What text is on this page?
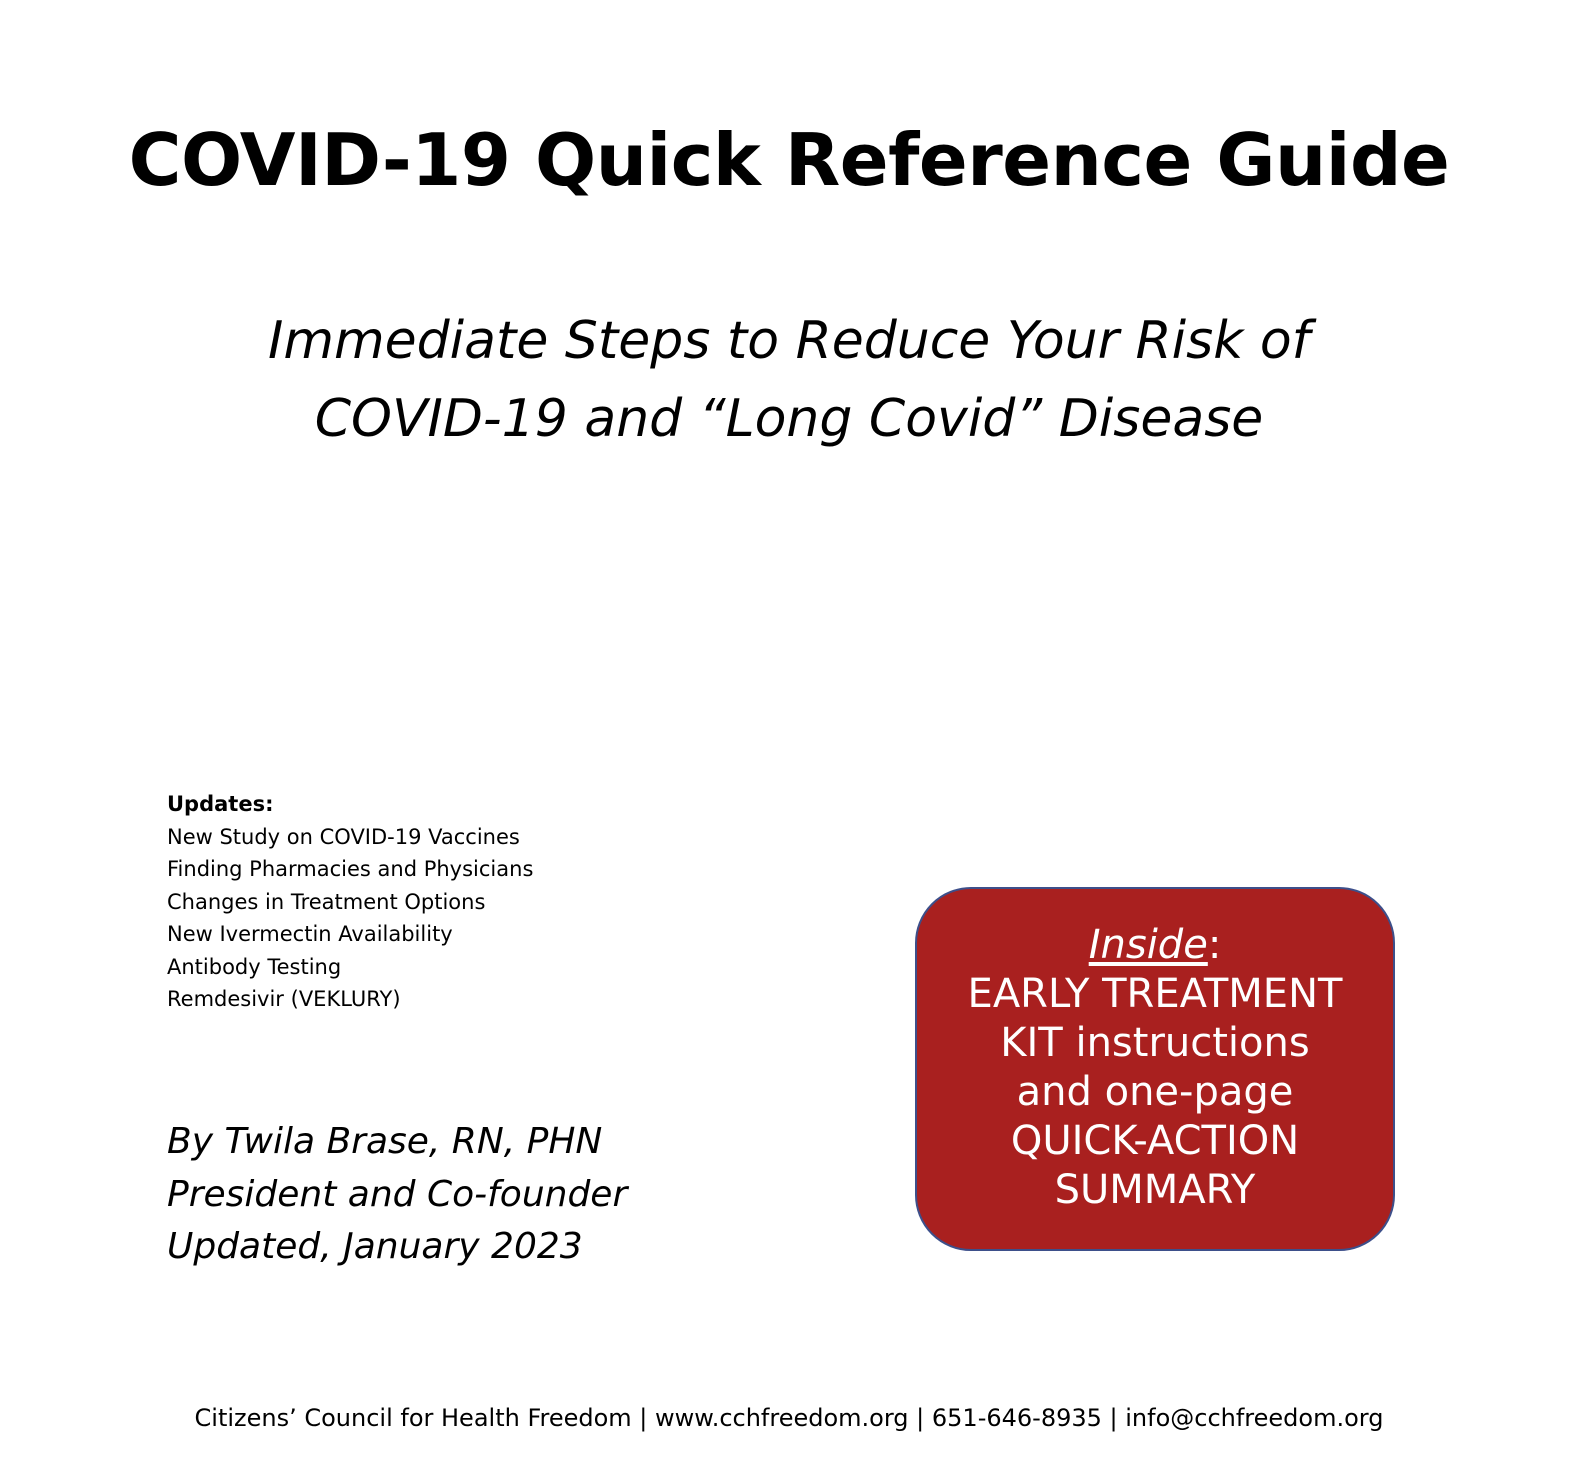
COVID-19 Quick Reference Guide
Immediate Steps to Reduce Your Risk of
COVID-19 and “Long Covid” Disease
Updates:
New Study on COVID-19 Vaccines
Finding Pharmacies and Physicians
Changes in Treatment Options
New Ivermectin Availability
Antibody Testing
Remdesivir (VEKLURY)
By Twila Brase, RN, PHN
President and Co-founder
Updated, January 2023
Inside:
EARLY TREATMENT
KIT instructions
and one-page
QUICK-ACTION
SUMMARY
Citizens’ Council for Health Freedom | www.cchfreedom.org | 651-646-8935 | info@cchfreedom.org
